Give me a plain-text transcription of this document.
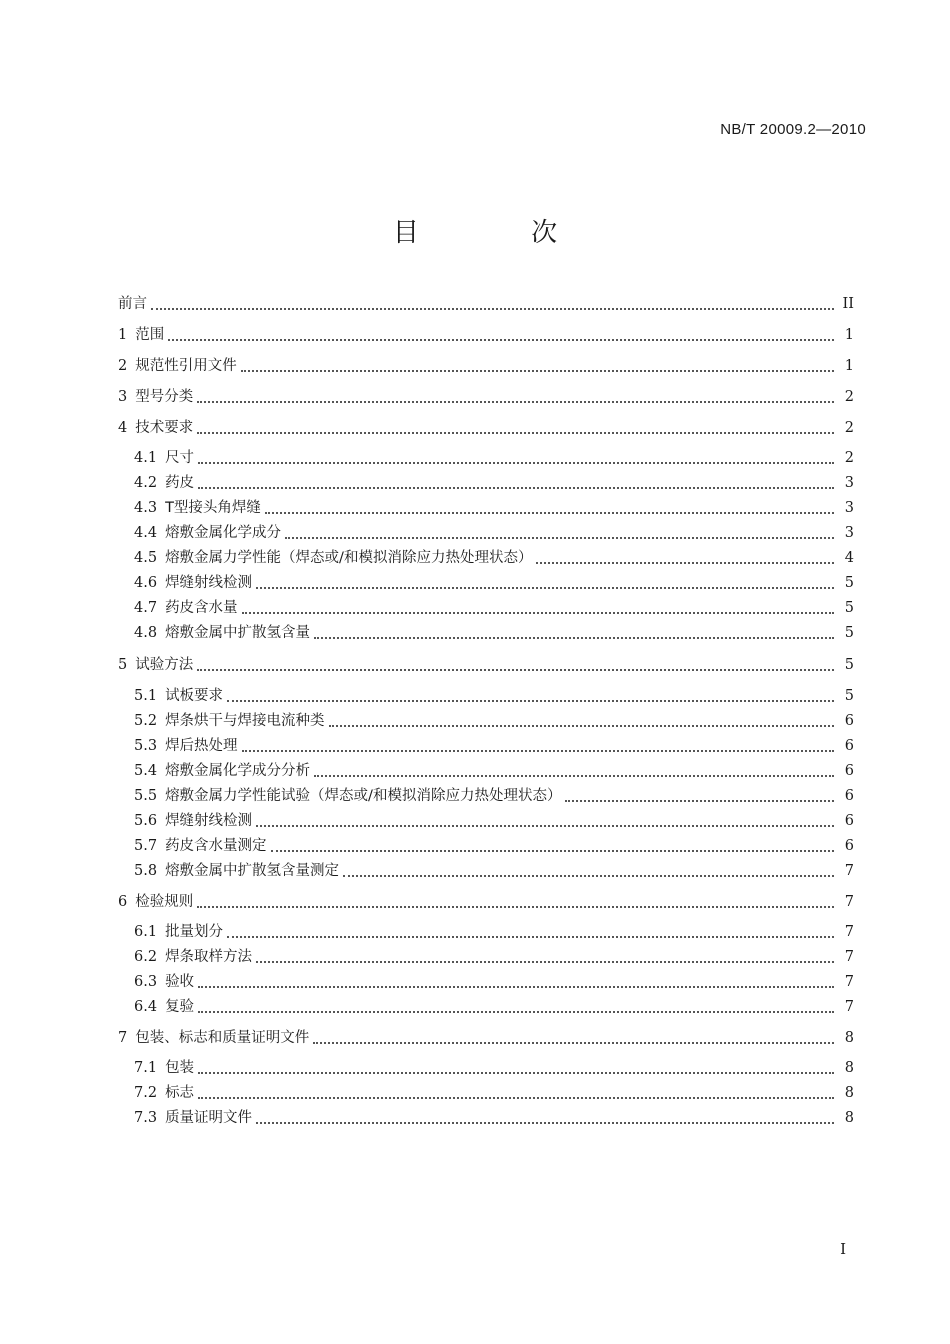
NB/T 20009.2—2010
目 次
前言	II
1 范围	1
2 规范性引用文件	1
3 型号分类	2
4 技术要求	2
4.1 尺寸	2
4.2 药皮	3
4.3 T型接头角焊缝	3
4.4 熔敷金属化学成分	3
4.5 熔敷金属力学性能（焊态或/和模拟消除应力热处理状态）	4
4.6 焊缝射线检测	5
4.7 药皮含水量	5
4.8 熔敷金属中扩散氢含量	5
5 试验方法	5
5.1 试板要求	5
5.2 焊条烘干与焊接电流种类	6
5.3 焊后热处理	6
5.4 熔敷金属化学成分分析	6
5.5 熔敷金属力学性能试验（焊态或/和模拟消除应力热处理状态）	6
5.6 焊缝射线检测	6
5.7 药皮含水量测定	6
5.8 熔敷金属中扩散氢含量测定	7
6 检验规则	7
6.1 批量划分	7
6.2 焊条取样方法	7
6.3 验收	7
6.4 复验	7
7 包装、标志和质量证明文件	8
7.1 包装	8
7.2 标志	8
7.3 质量证明文件	8
I
